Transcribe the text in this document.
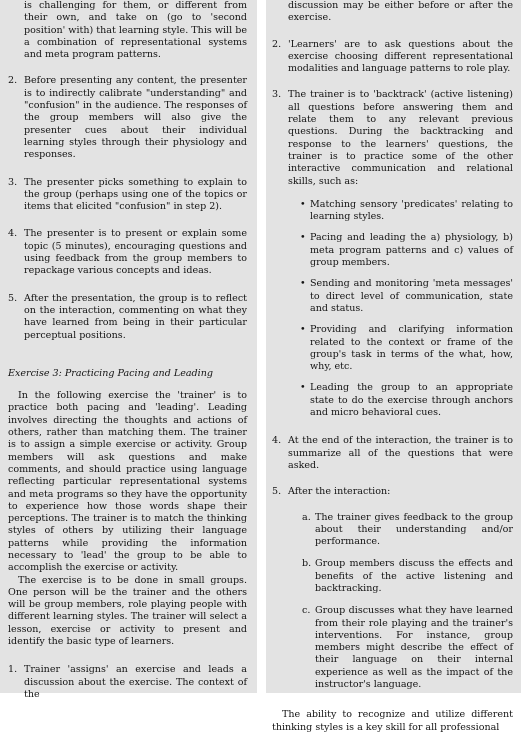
is challenging for them, or different from their own, and take on (go to 'second position' with) that learning style. This will be a combination of representational systems and meta program patterns.

2. Before presenting any content, the presenter is to indirectly calibrate "understanding" and "confusion" in the audience. The responses of the group members will also give the presenter cues about their individual learning styles through their physiology and responses.
3. The presenter picks something to explain to the group (perhaps using one of the topics or items that elicited "confusion" in step 2).
4. The presenter is to present or explain some topic (5 minutes), encouraging questions and using feedback from the group members to repackage various concepts and ideas.
5. After the presentation, the group is to reflect on the interaction, commenting on what they have learned from being in their particular perceptual positions.

Exercise 3: Practicing Pacing and Leading

In the following exercise the 'trainer' is to practice both pacing and 'leading'. Leading involves directing the thoughts and actions of others, rather than matching them. The trainer is to assign a simple exercise or activity. Group members will ask questions and make comments, and should practice using language reflecting particular representational systems and meta programs so they have the opportunity to experience how those words shape their perceptions. The trainer is to match the thinking styles of others by utilizing their language patterns while providing the information necessary to 'lead' the group to be able to accomplish the exercise or activity.

The exercise is to be done in small groups. One person will be the trainer and the others will be group members, role playing people with different learning styles. The trainer will select a lesson, exercise or activity to present and identify the basic type of learners.

1. Trainer 'assigns' an exercise and leads a discussion about the exercise. The context of the

discussion may be either before or after the exercise.

2. 'Learners' are to ask questions about the exercise choosing different representational modalities and language patterns to role play.
3. The trainer is to 'backtrack' (active listening) all questions before answering them and relate them to any relevant previous questions. During the backtracking and response to the learners' questions, the trainer is to practice some of the other interactive communication and relational skills, such as:
• Matching sensory 'predicates' relating to learning styles.
• Pacing and leading the a) physiology, b) meta program patterns and c) values of group members.
• Sending and monitoring 'meta messages' to direct level of communication, state and status.
• Providing and clarifying information related to the context or frame of the group's task in terms of the what, how, why, etc.
• Leading the group to an appropriate state to do the exercise through anchors and micro behavioral cues.
4. At the end of the interaction, the trainer is to summarize all of the questions that were asked.
5. After the interaction:
a. The trainer gives feedback to the group about their understanding and/or performance.
b. Group members discuss the effects and benefits of the active listening and backtracking.
c. Group discusses what they have learned from their role playing and the trainer's interventions. For instance, group members might describe the effect of their language on their internal experience as well as the impact of the instructor's language.

The ability to recognize and utilize different thinking styles is a key skill for all professional
